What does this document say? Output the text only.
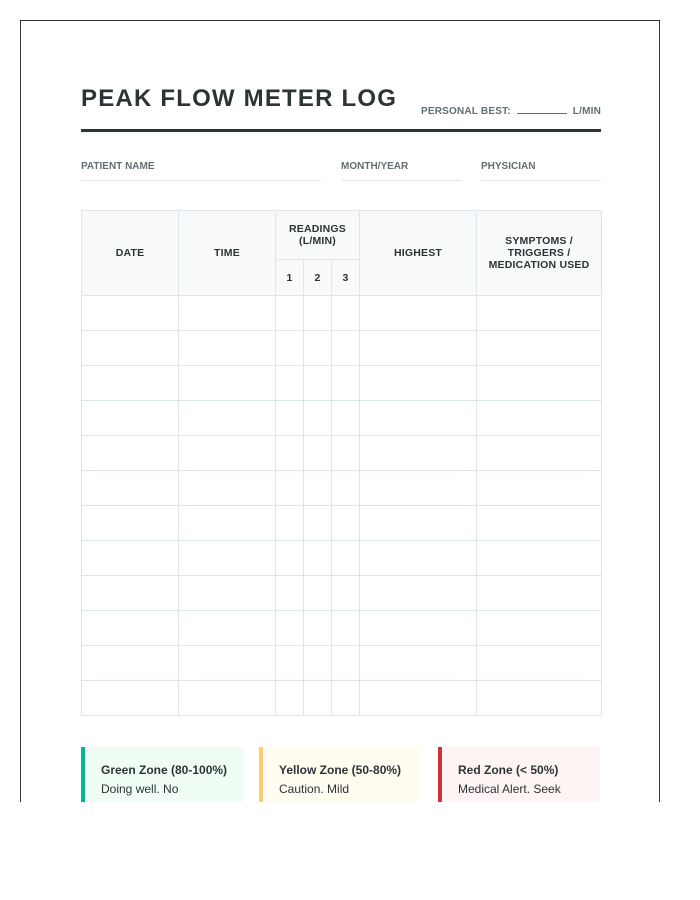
PEAK FLOW METER LOG PERSONAL BEST:	L/MIN
PATIENT NAME	MONTH/YEAR	PHYSICIAN
DATE	TIME	READINGS (L/MIN)			HIGHEST	SYMPTOMS / TRIGGERS / MEDICATION USED
		1	2	3		

Green Zone (80-100%)
Doing well. No
Yellow Zone (50-80%)
Caution. Mild
Red Zone (< 50%)
Medical Alert. Seek
